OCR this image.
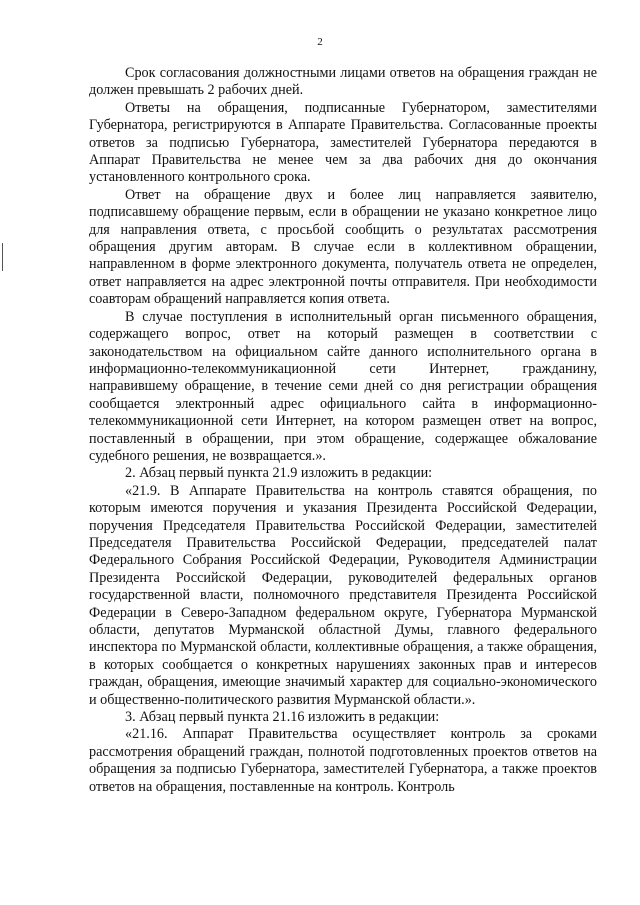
2

Срок согласования должностными лицами ответов на обращения граждан не должен превышать 2 рабочих дней.

Ответы на обращения, подписанные Губернатором, заместителями Губернатора, регистрируются в Аппарате Правительства. Согласованные проекты ответов за подписью Губернатора, заместителей Губернатора передаются в Аппарат Правительства не менее чем за два рабочих дня до окончания установленного контрольного срока.

Ответ на обращение двух и более лиц направляется заявителю, подписавшему обращение первым, если в обращении не указано конкретное лицо для направления ответа, с просьбой сообщить о результатах рассмотрения обращения другим авторам. В случае если в коллективном обращении, направленном в форме электронного документа, получатель ответа не определен, ответ направляется на адрес электронной почты отправителя. При необходимости соавторам обращений направляется копия ответа.

В случае поступления в исполнительный орган письменного обращения, содержащего вопрос, ответ на который размещен в соответствии с законодательством на официальном сайте данного исполнительного органа в информационно-телекоммуникационной сети Интернет, гражданину, направившему обращение, в течение семи дней со дня регистрации обращения сообщается электронный адрес официального сайта в информационно-телекоммуникационной сети Интернет, на котором размещен ответ на вопрос, поставленный в обращении, при этом обращение, содержащее обжалование судебного решения, не возвращается.».

2. Абзац первый пункта 21.9 изложить в редакции:

«21.9. В Аппарате Правительства на контроль ставятся обращения, по которым имеются поручения и указания Президента Российской Федерации, поручения Председателя Правительства Российской Федерации, заместителей Председателя Правительства Российской Федерации, председателей палат Федерального Собрания Российской Федерации, Руководителя Администрации Президента Российской Федерации, руководителей федеральных органов государственной власти, полномочного представителя Президента Российской Федерации в Северо-Западном федеральном округе, Губернатора Мурманской области, депутатов Мурманской областной Думы, главного федерального инспектора по Мурманской области, коллективные обращения, а также обращения, в которых сообщается о конкретных нарушениях законных прав и интересов граждан, обращения, имеющие значимый характер для социально-экономического и общественно-политического развития Мурманской области.».

3. Абзац первый пункта 21.16 изложить в редакции:

«21.16. Аппарат Правительства осуществляет контроль за сроками рассмотрения обращений граждан, полнотой подготовленных проектов ответов на обращения за подписью Губернатора, заместителей Губернатора, а также проектов ответов на обращения, поставленные на контроль. Контроль
